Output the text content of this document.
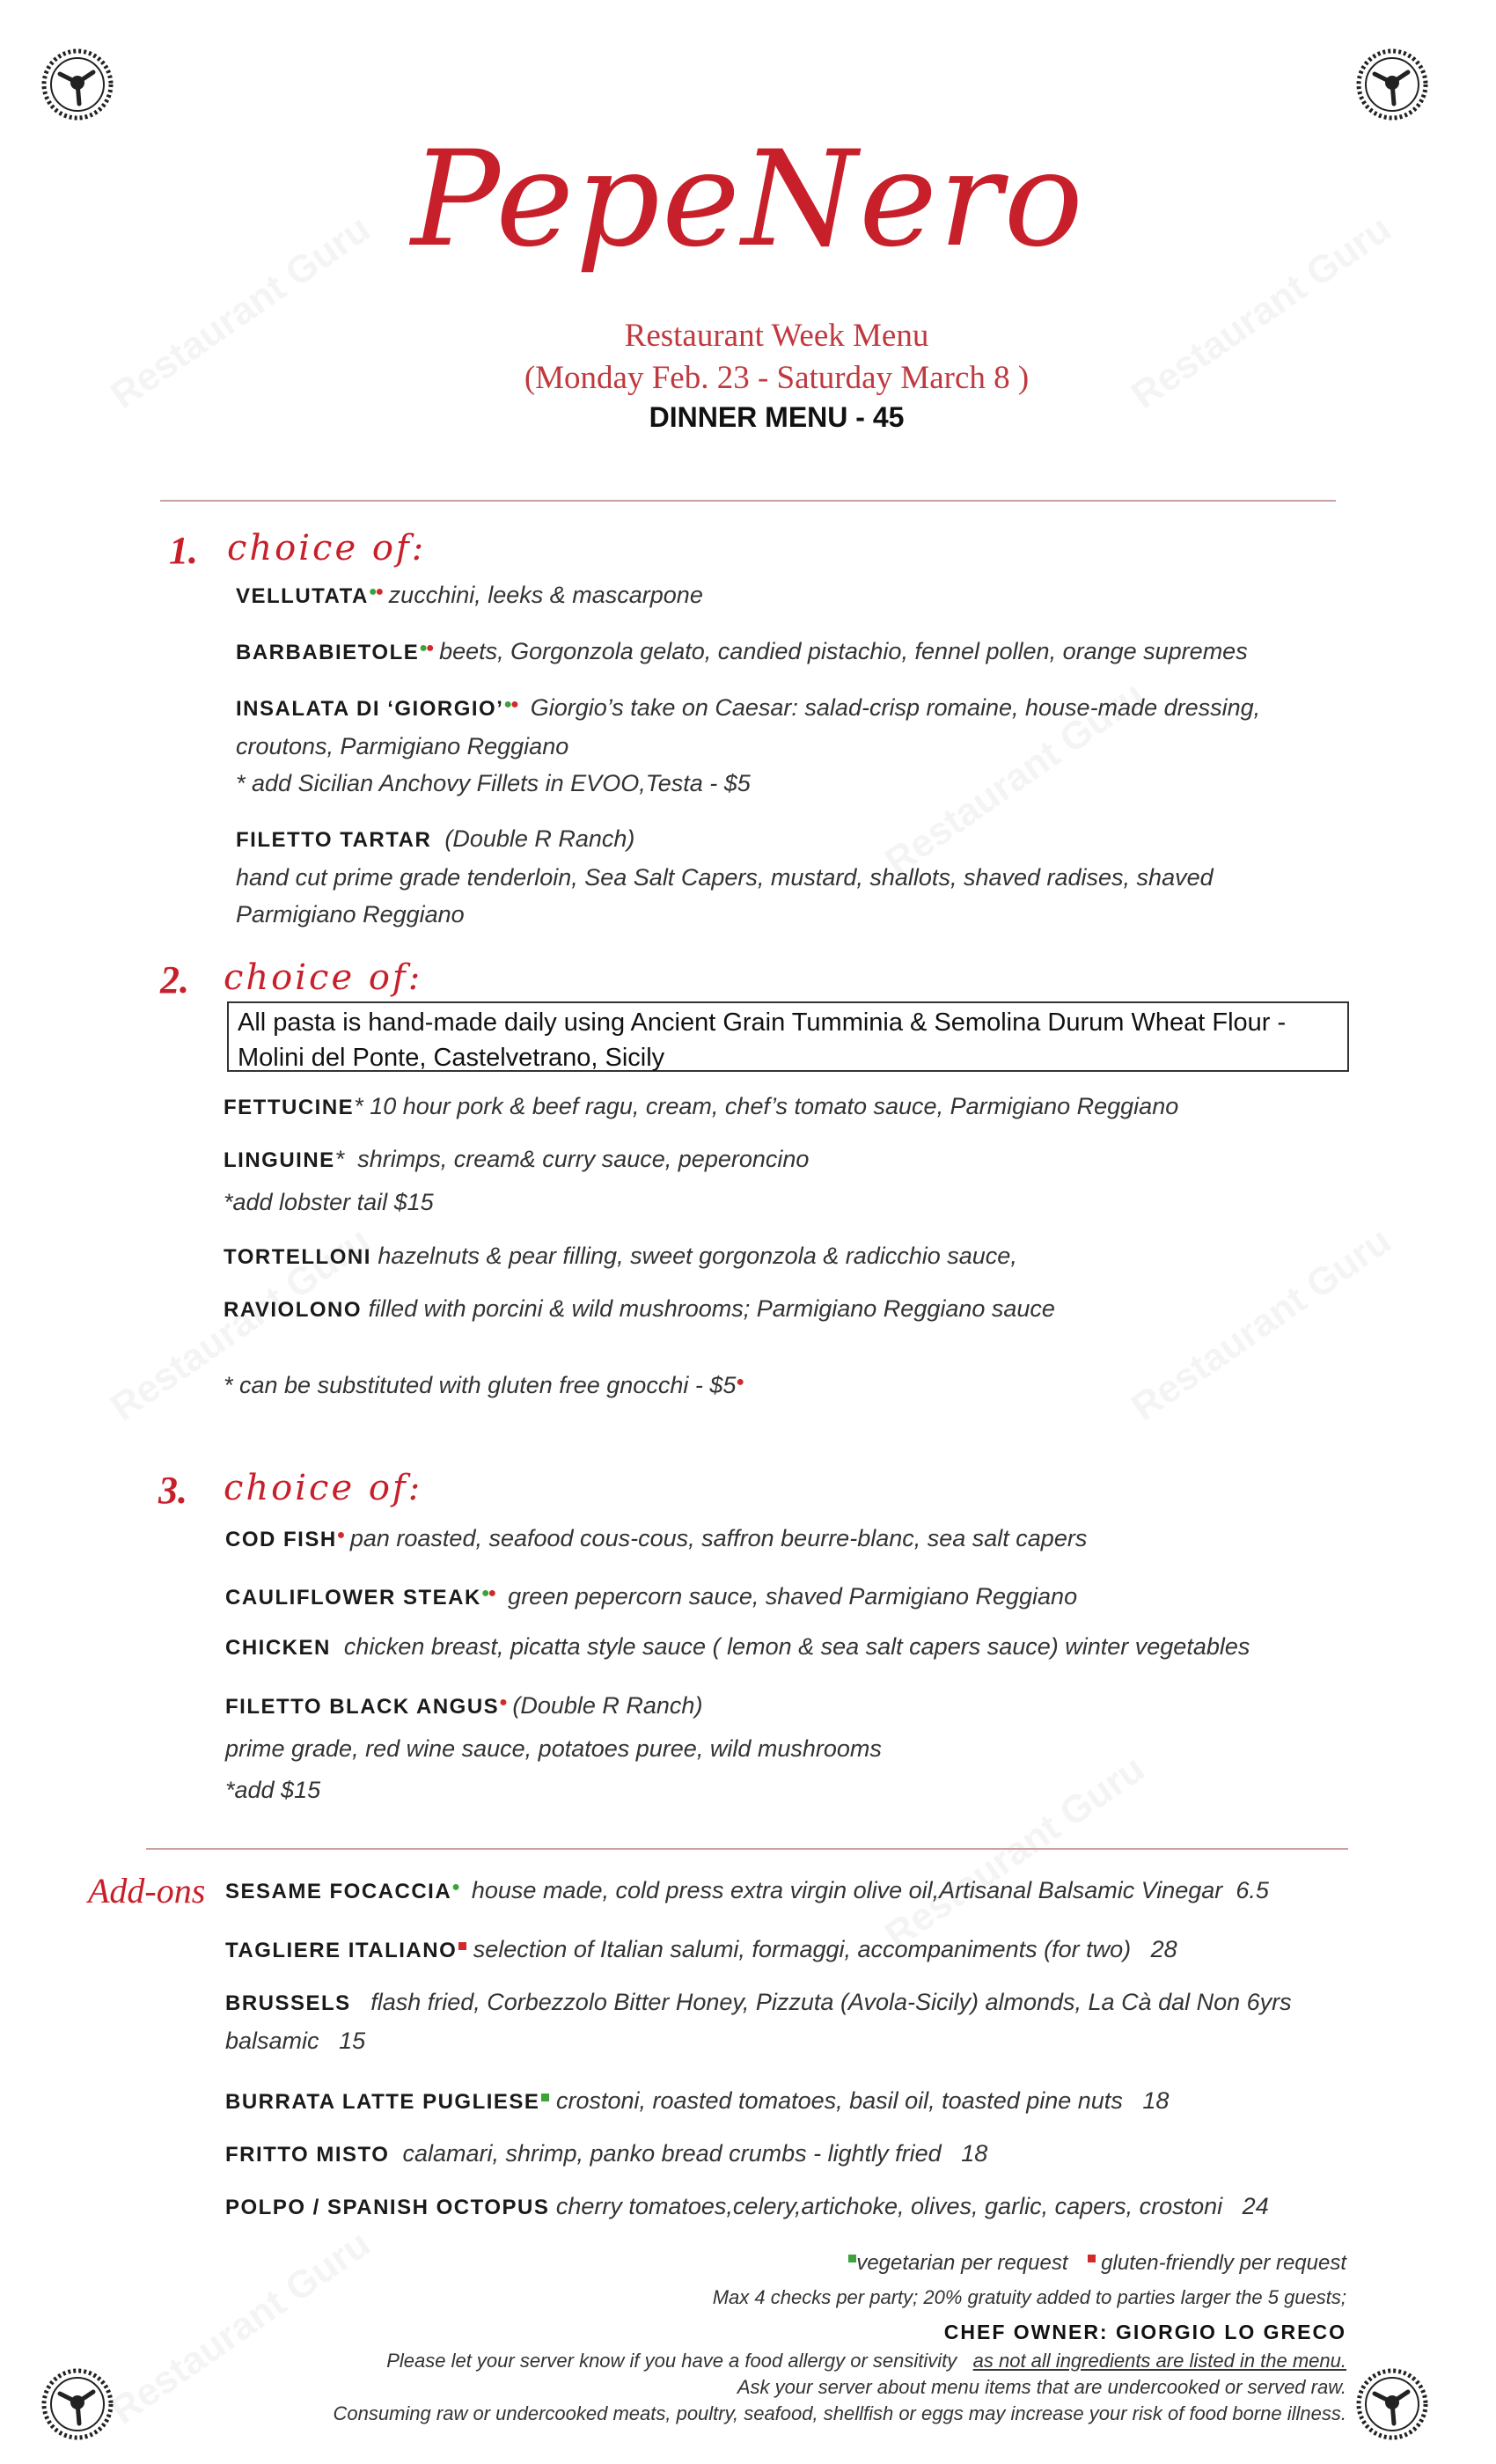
PepeNero
Restaurant Week Menu
(Monday Feb. 23 - Saturday March 8 )
DINNER MENU - 45
1. choice of:
VELLUTATA●● zucchini, leeks & mascarpone
BARBABIETOLE●● beets, Gorgonzola gelato, candied pistachio, fennel pollen, orange supremes
INSALATA DI ‘GIORGIO’●● Giorgio’s take on Caesar: salad-crisp romaine, house-made dressing,
croutons, Parmigiano Reggiano
* add Sicilian Anchovy Fillets in EVOO,Testa - $5
FILETTO TARTAR (Double R Ranch)
hand cut prime grade tenderloin, Sea Salt Capers, mustard, shallots, shaved radises, shaved
Parmigiano Reggiano
2. choice of:
All pasta is hand-made daily using Ancient Grain Tumminia & Semolina Durum Wheat Flour -
Molini del Ponte, Castelvetrano, Sicily
FETTUCINE* 10 hour pork & beef ragu, cream, chef’s tomato sauce, Parmigiano Reggiano
LINGUINE* shrimps, cream& curry sauce, peperoncino
*add lobster tail $15
TORTELLONI hazelnuts & pear filling, sweet gorgonzola & radicchio sauce,
RAVIOLONO filled with porcini & wild mushrooms; Parmigiano Reggiano sauce
* can be substituted with gluten free gnocchi - $5●
3. choice of:
COD FISH● pan roasted, seafood cous-cous, saffron beurre-blanc, sea salt capers
CAULIFLOWER STEAK●● green pepercorn sauce, shaved Parmigiano Reggiano
CHICKEN chicken breast, picatta style sauce ( lemon & sea salt capers sauce) winter vegetables
FILETTO BLACK ANGUS● (Double R Ranch)
prime grade, red wine sauce, potatoes puree, wild mushrooms
*add $15
Add-ons SESAME FOCACCIA● house made, cold press extra virgin olive oil,Artisanal Balsamic Vinegar 6.5
TAGLIERE ITALIANO selection of Italian salumi, formaggi, accompaniments (for two) 28
BRUSSELS flash fried, Corbezzolo Bitter Honey, Pizzuta (Avola-Sicily) almonds, La Cà dal Non 6yrs
balsamic 15
BURRATA LATTE PUGLIESE crostoni, roasted tomatoes, basil oil, toasted pine nuts 18
FRITTO MISTO calamari, shrimp, panko bread crumbs - lightly fried 18
POLPO / SPANISH OCTOPUS cherry tomatoes,celery,artichoke, olives, garlic, capers, crostoni 24
vegetarian per request gluten-friendly per request
Max 4 checks per party; 20% gratuity added to parties larger the 5 guests;
CHEF OWNER: GIORGIO LO GRECO
Please let your server know if you have a food allergy or sensitivity as not all ingredients are listed in the menu.
Ask your server about menu items that are undercooked or served raw.
Consuming raw or undercooked meats, poultry, seafood, shellfish or eggs may increase your risk of food borne illness.
